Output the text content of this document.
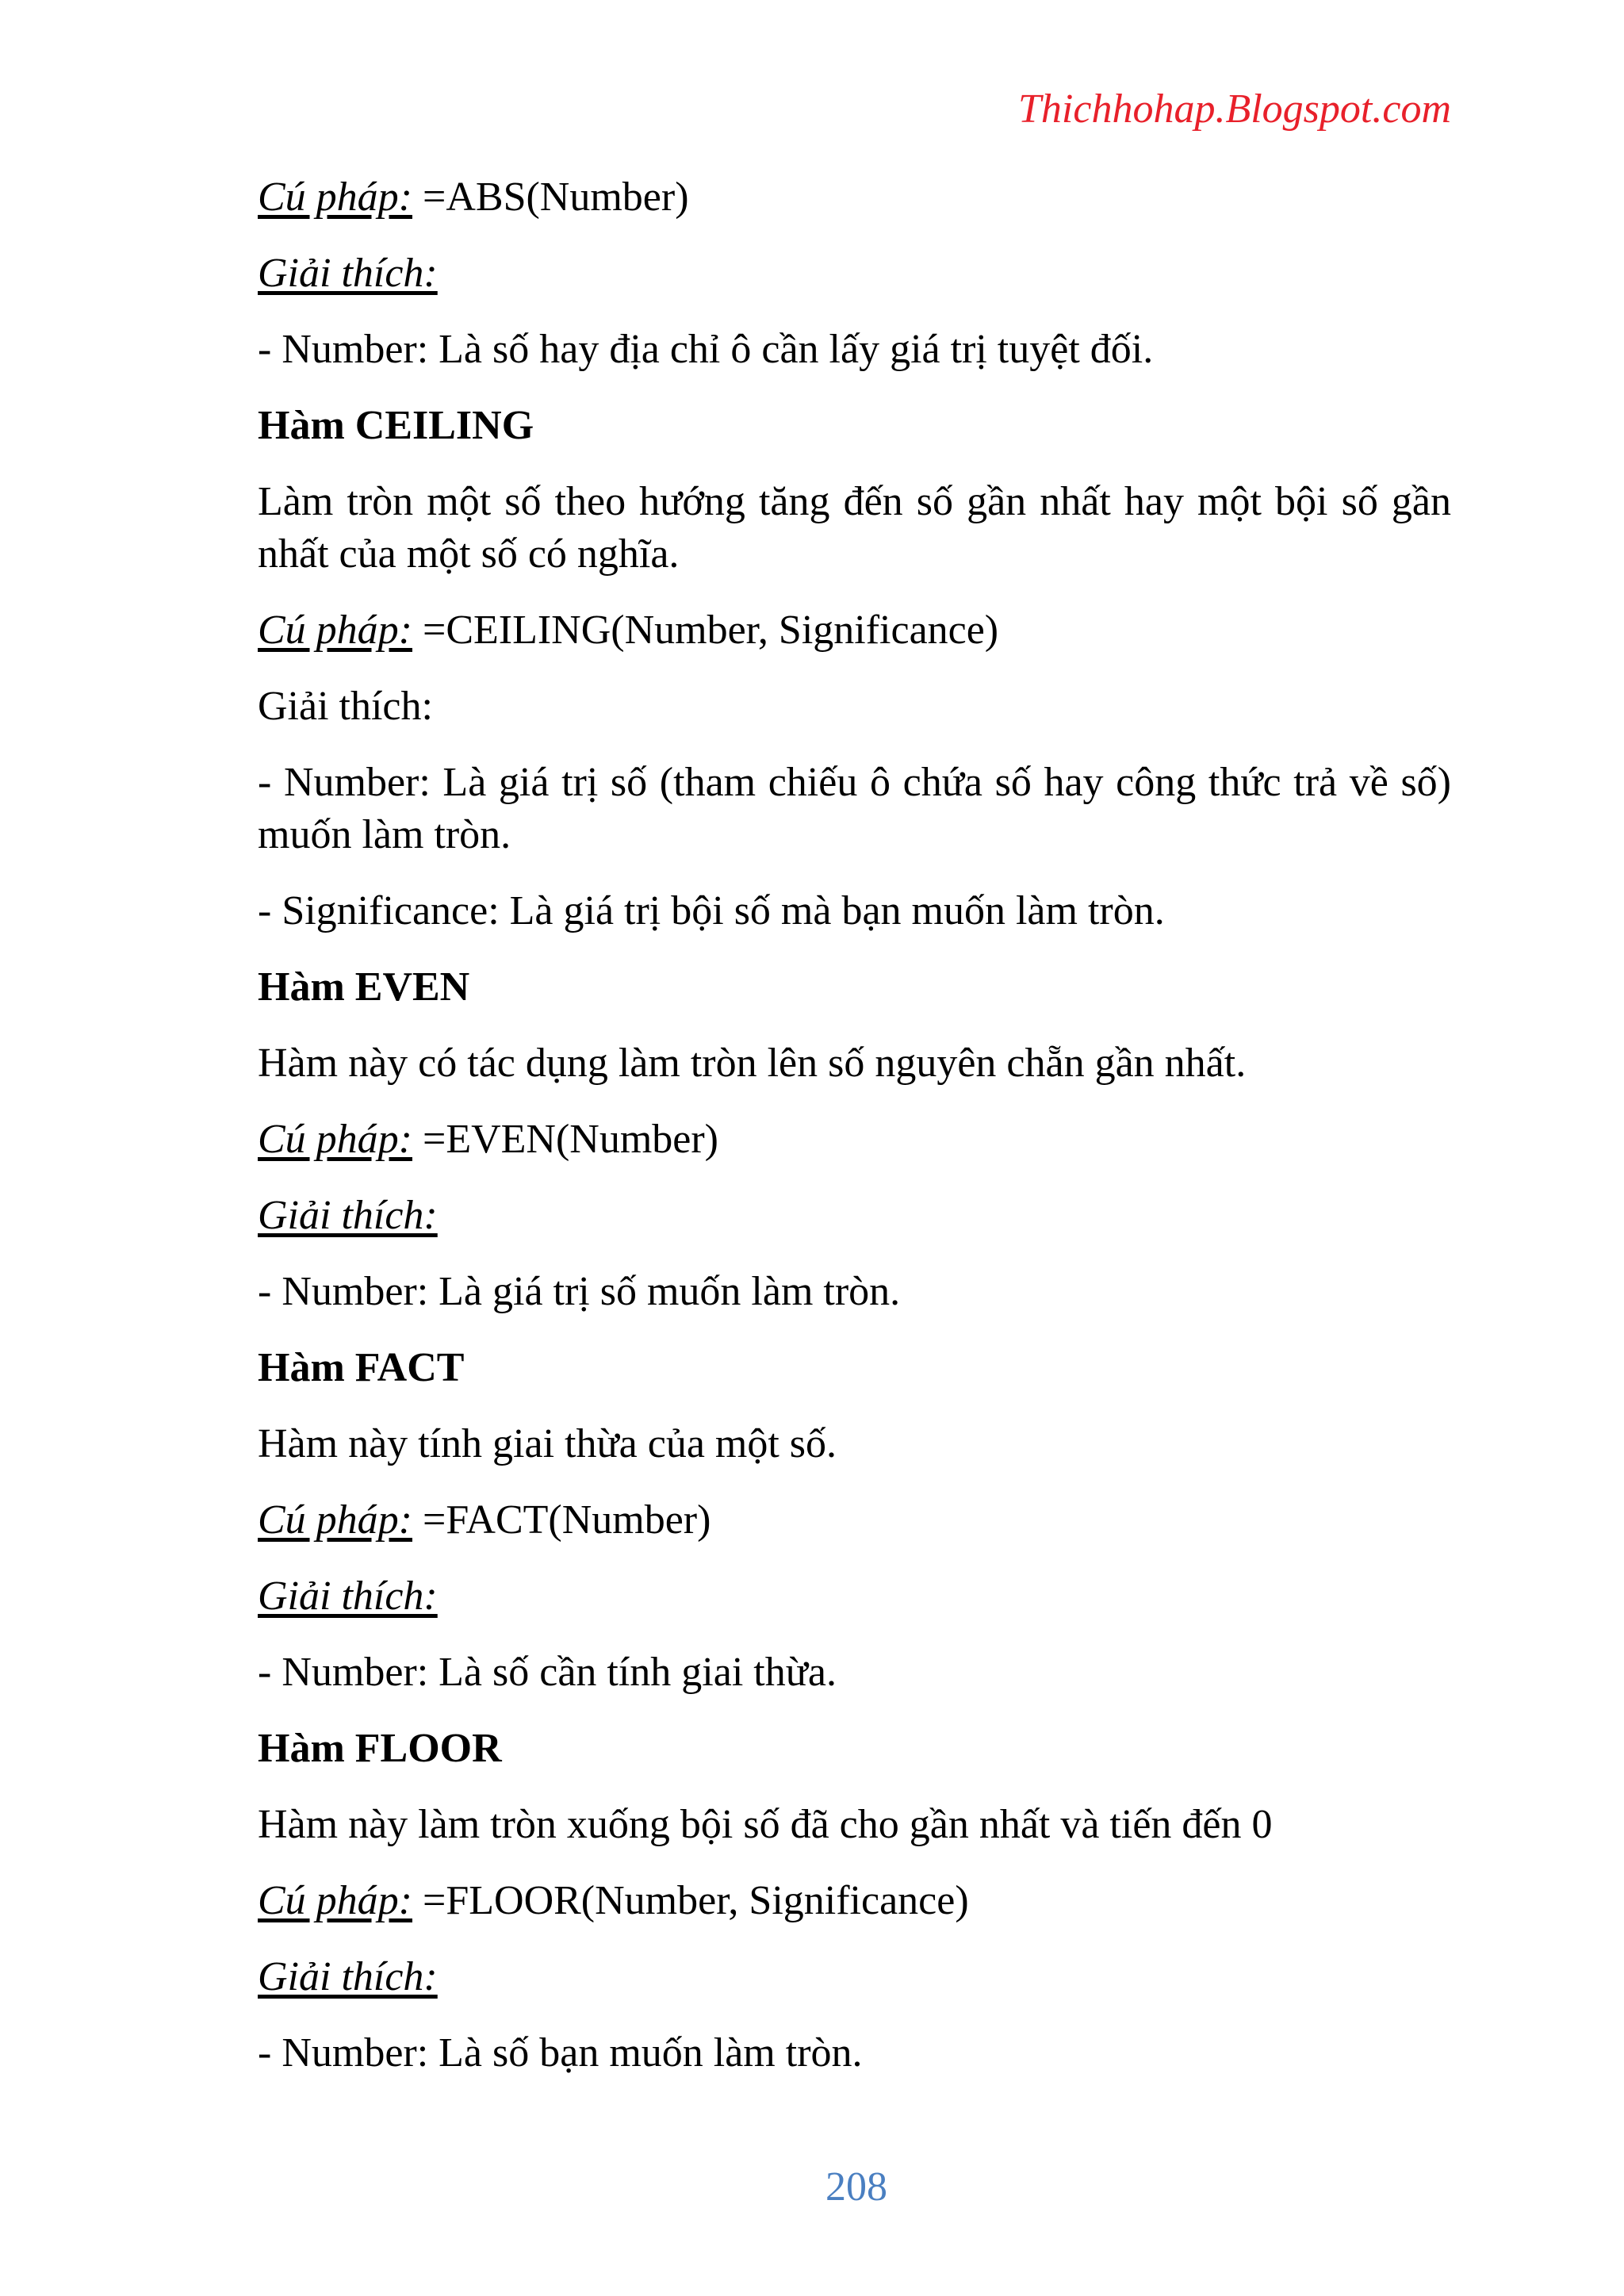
Thichhohap.Blogspot.com

Cú pháp: =ABS(Number)

Giải thích:

- Number: Là số hay địa chỉ ô cần lấy giá trị tuyệt đối.

Hàm CEILING

Làm tròn một số theo hướng tăng đến số gần nhất hay một bội số gần nhất của một số có nghĩa.

Cú pháp: =CEILING(Number, Significance)

Giải thích:

- Number: Là giá trị số (tham chiếu ô chứa số hay công thức trả về số) muốn làm tròn.

- Significance: Là giá trị bội số mà bạn muốn làm tròn.

Hàm EVEN

Hàm này có tác dụng làm tròn lên số nguyên chẵn gần nhất.

Cú pháp: =EVEN(Number)

Giải thích:

- Number: Là giá trị số muốn làm tròn.

Hàm FACT

Hàm này tính giai thừa của một số.

Cú pháp: =FACT(Number)

Giải thích:

- Number: Là số cần tính giai thừa.

Hàm FLOOR

Hàm này làm tròn xuống bội số đã cho gần nhất và tiến đến 0

Cú pháp: =FLOOR(Number, Significance)

Giải thích:

- Number: Là số bạn muốn làm tròn.

208
